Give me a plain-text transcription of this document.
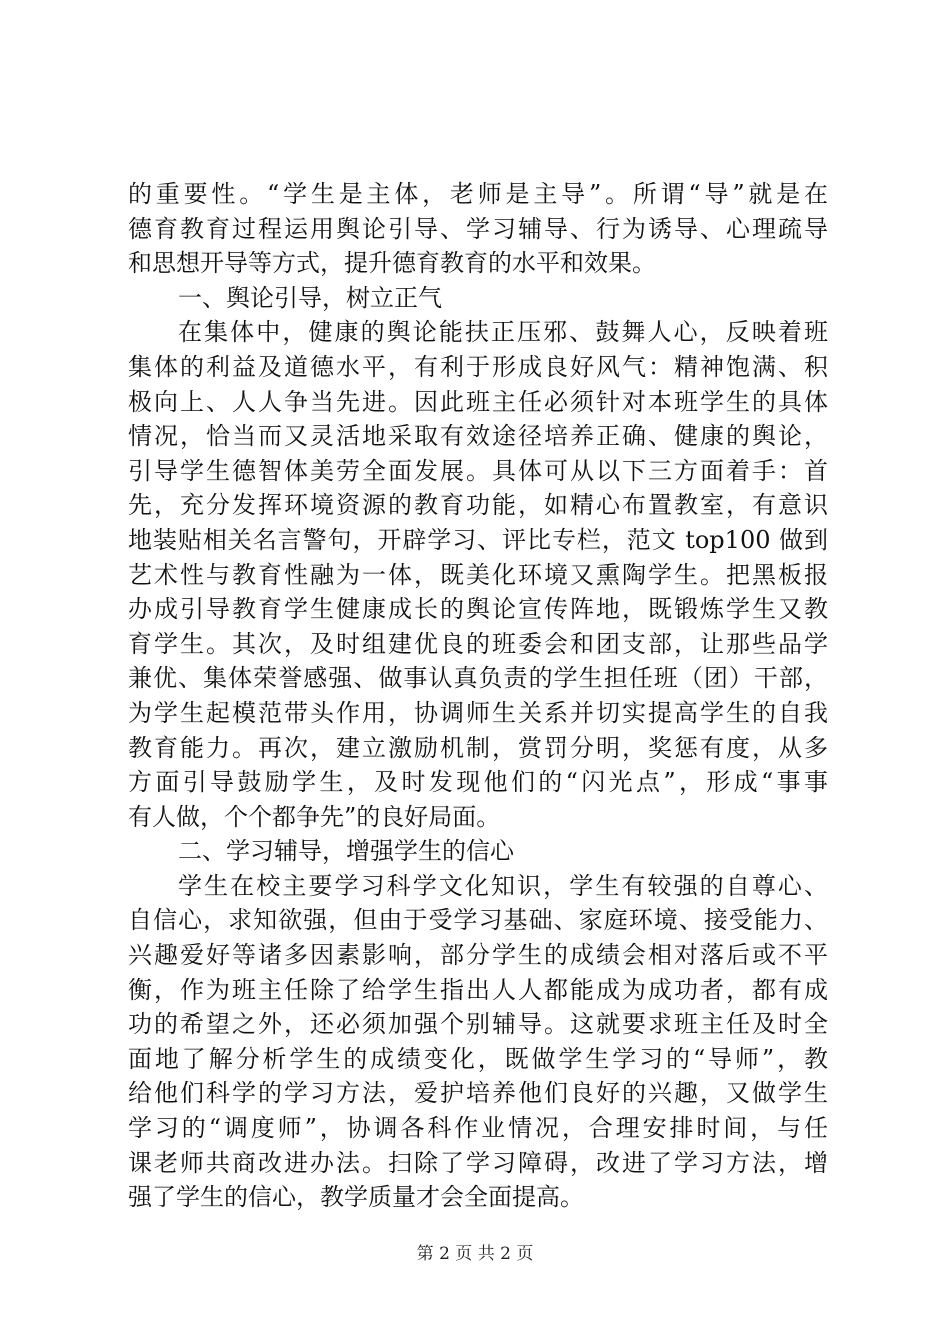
的重要性。“学生是主体，老师是主导”。所谓“导”就是在
德育教育过程运用舆论引导、学习辅导、行为诱导、心理疏导
和思想开导等方式，提升德育教育的水平和效果。
一、舆论引导，树立正气
在集体中，健康的舆论能扶正压邪、鼓舞人心，反映着班
集体的利益及道德水平，有利于形成良好风气：精神饱满、积
极向上、人人争当先进。因此班主任必须针对本班学生的具体
情况，恰当而又灵活地采取有效途径培养正确、健康的舆论，
引导学生德智体美劳全面发展。具体可从以下三方面着手：首
先，充分发挥环境资源的教育功能，如精心布置教室，有意识
地装贴相关名言警句，开辟学习、评比专栏，范文 top100 做到
艺术性与教育性融为一体，既美化环境又熏陶学生。把黑板报
办成引导教育学生健康成长的舆论宣传阵地，既锻炼学生又教
育学生。其次，及时组建优良的班委会和团支部，让那些品学
兼优、集体荣誉感强、做事认真负责的学生担任班（团）干部，
为学生起模范带头作用，协调师生关系并切实提高学生的自我
教育能力。再次，建立激励机制，赏罚分明，奖惩有度，从多
方面引导鼓励学生，及时发现他们的“闪光点”，形成“事事
有人做，个个都争先”的良好局面。
二、学习辅导，增强学生的信心
学生在校主要学习科学文化知识，学生有较强的自尊心、
自信心，求知欲强，但由于受学习基础、家庭环境、接受能力、
兴趣爱好等诸多因素影响，部分学生的成绩会相对落后或不平
衡，作为班主任除了给学生指出人人都能成为成功者，都有成
功的希望之外，还必须加强个别辅导。这就要求班主任及时全
面地了解分析学生的成绩变化，既做学生学习的“导师”，教
给他们科学的学习方法，爱护培养他们良好的兴趣，又做学生
学习的“调度师”，协调各科作业情况，合理安排时间，与任
课老师共商改进办法。扫除了学习障碍，改进了学习方法，增
强了学生的信心，教学质量才会全面提高。
第 2 页 共 2 页
